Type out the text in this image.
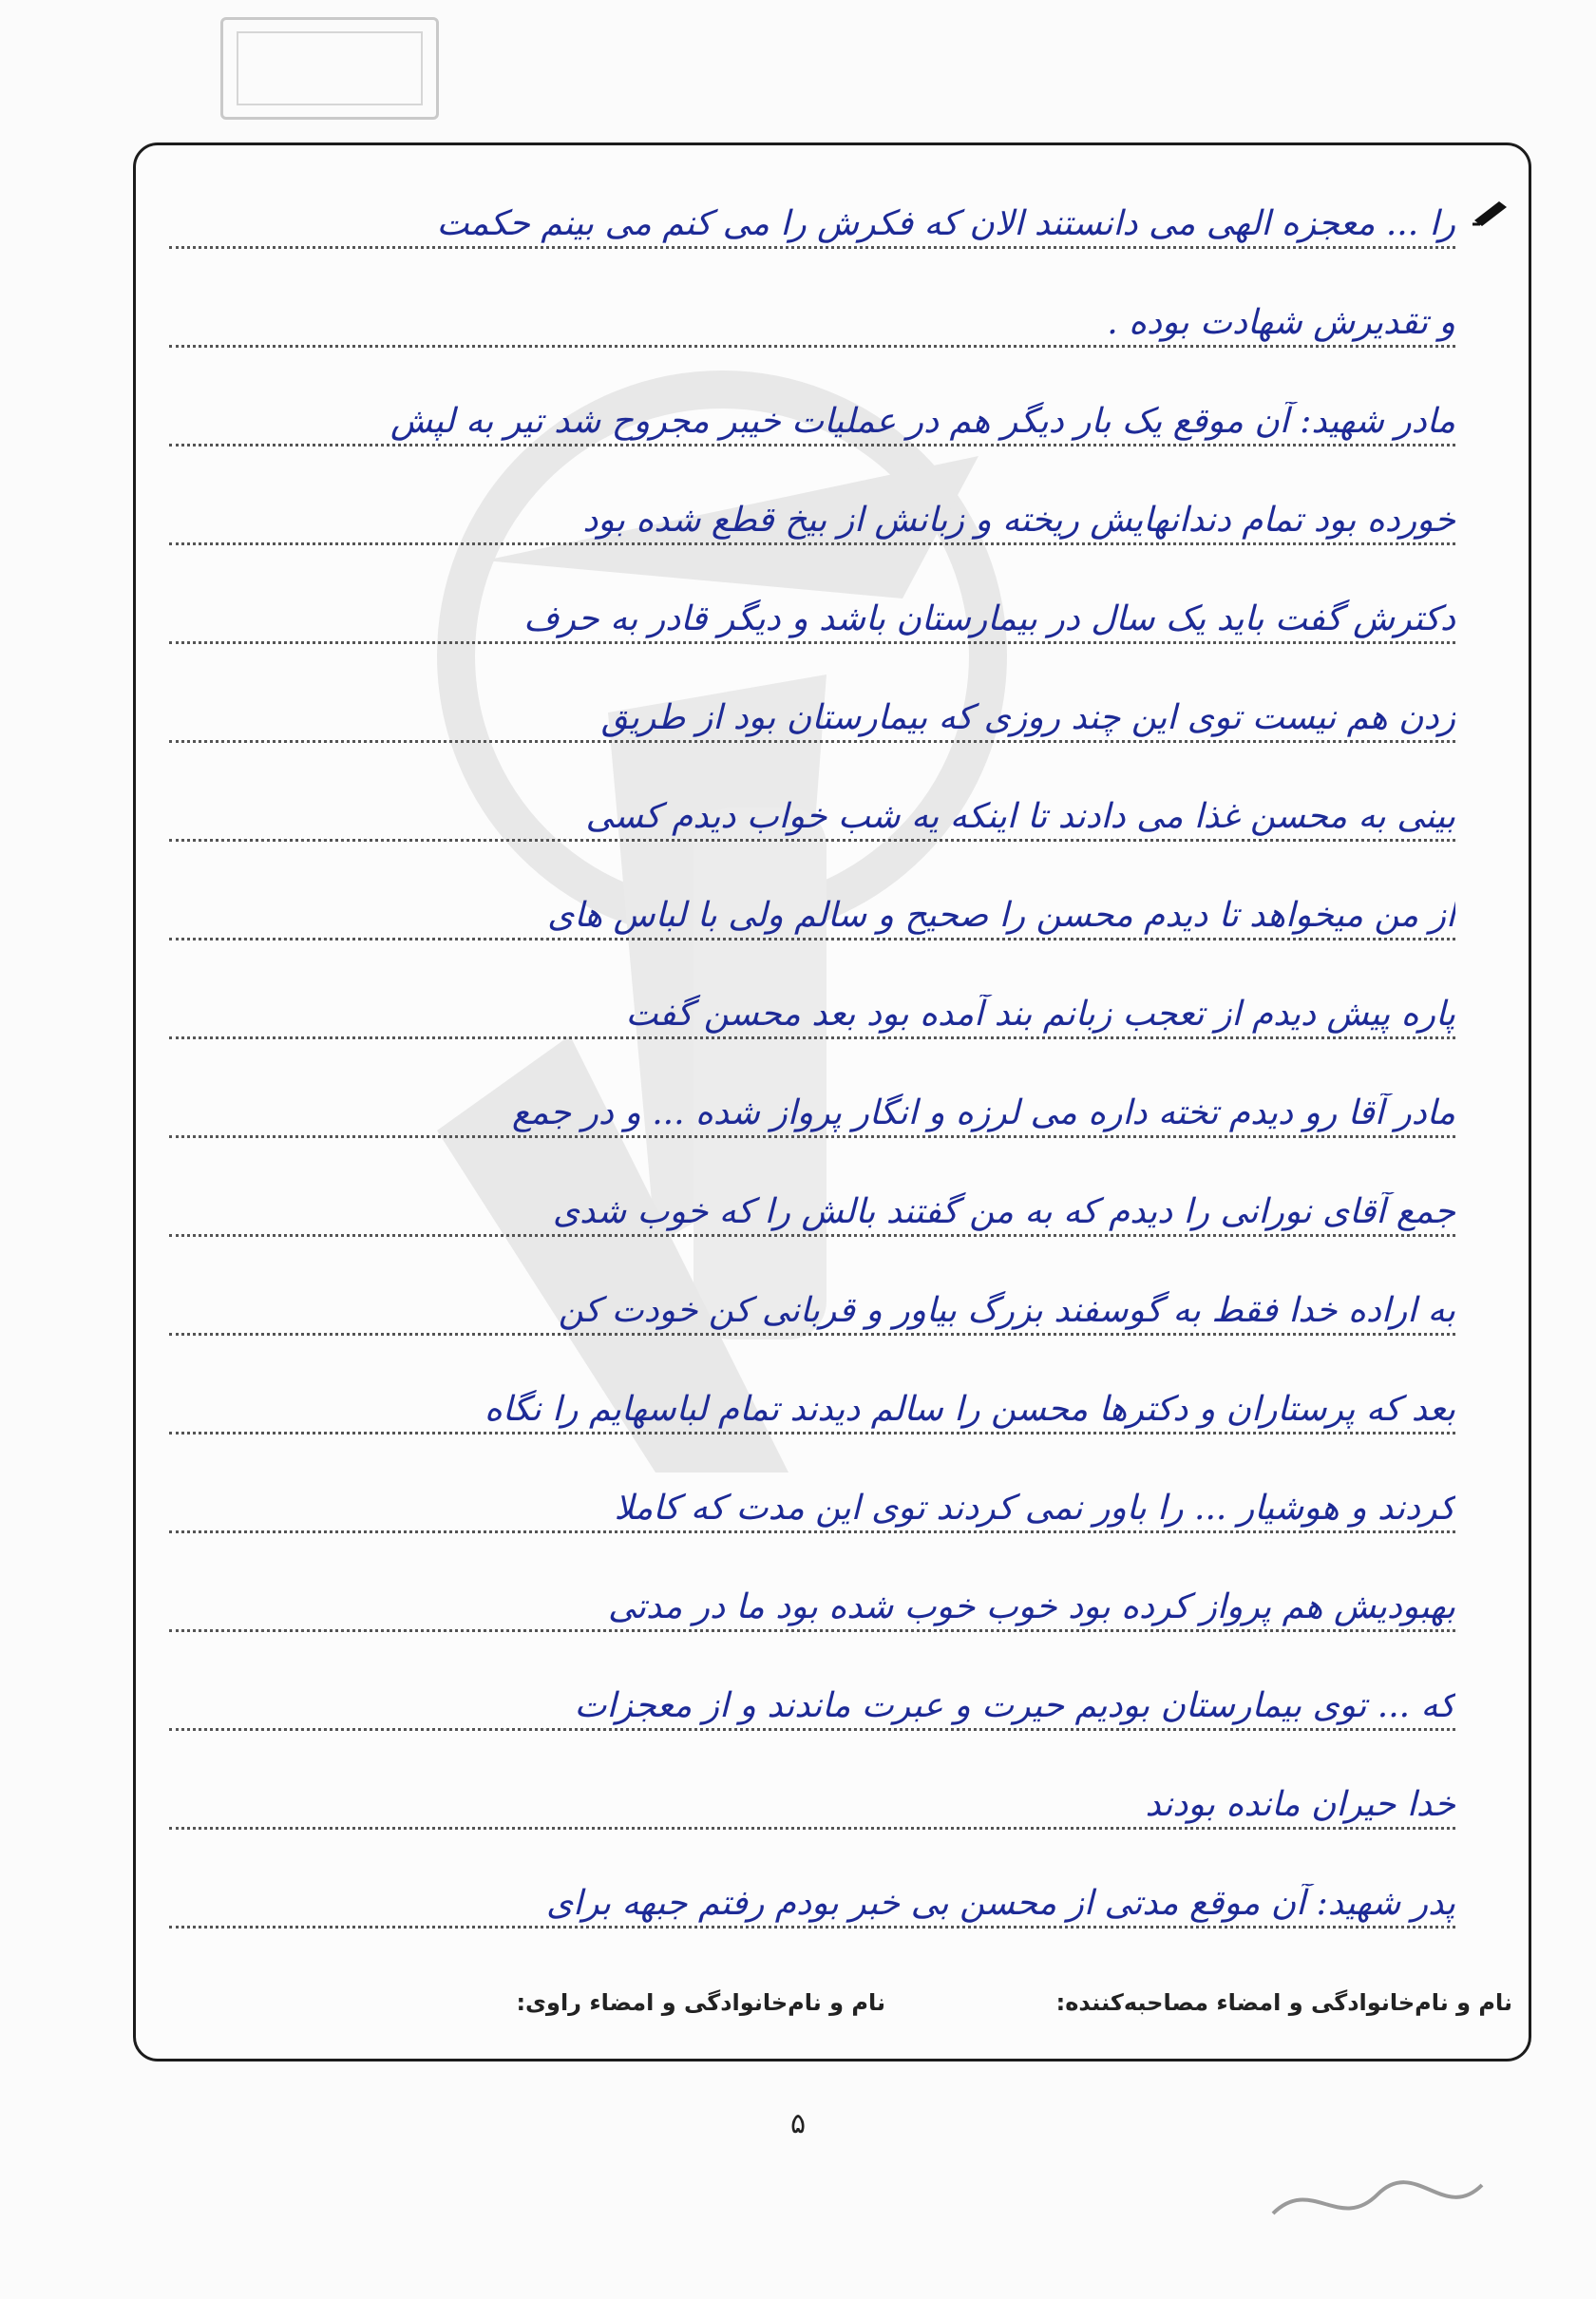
را ... معجزه الهی می دانستند الان که فکرش را می کنم می بینم حکمت
و تقدیرش شهادت بوده .
مادر شهید: آن موقع یک بار دیگر هم در عملیات خیبر مجروح شد تیر به لپش
خورده بود تمام دندانهایش ریخته و زبانش از بیخ قطع شده بود
دکترش گفت باید یک سال در بیمارستان باشد و دیگر قادر به حرف
زدن هم نیست توی این چند روزی که بیمارستان بود از طریق
بینی به محسن غذا می دادند تا اینکه یه شب خواب دیدم کسی
از من میخواهد تا دیدم محسن را صحیح و سالم ولی با لباس های
پاره پیش دیدم از تعجب زبانم بند آمده بود بعد محسن گفت
مادر آقا رو دیدم تخته داره می لرزه و انگار پرواز شده ... و در جمع
جمع آقای نورانی را دیدم که به من گفتند بالش را که خوب شدی
به اراده خدا فقط به گوسفند بزرگ بیاور و قربانی کن خودت کن
بعد که پرستاران و دکترها محسن را سالم دیدند تمام لباسهایم را نگاه
کردند و هوشیار ... را باور نمی کردند توی این مدت که کاملا
بهبودیش هم پرواز کرده بود خوب خوب شده بود ما در مدتی
که ... توی بیمارستان بودیم حیرت و عبرت ماندند و از معجزات
خدا حیران مانده بودند
پدر شهید: آن موقع مدتی از محسن بی خبر بودم رفتم جبهه برای
نام و نام‌خانوادگی و امضاء مصاحبه‌کننده:
نام و نام‌خانوادگی و امضاء راوی:
۵
